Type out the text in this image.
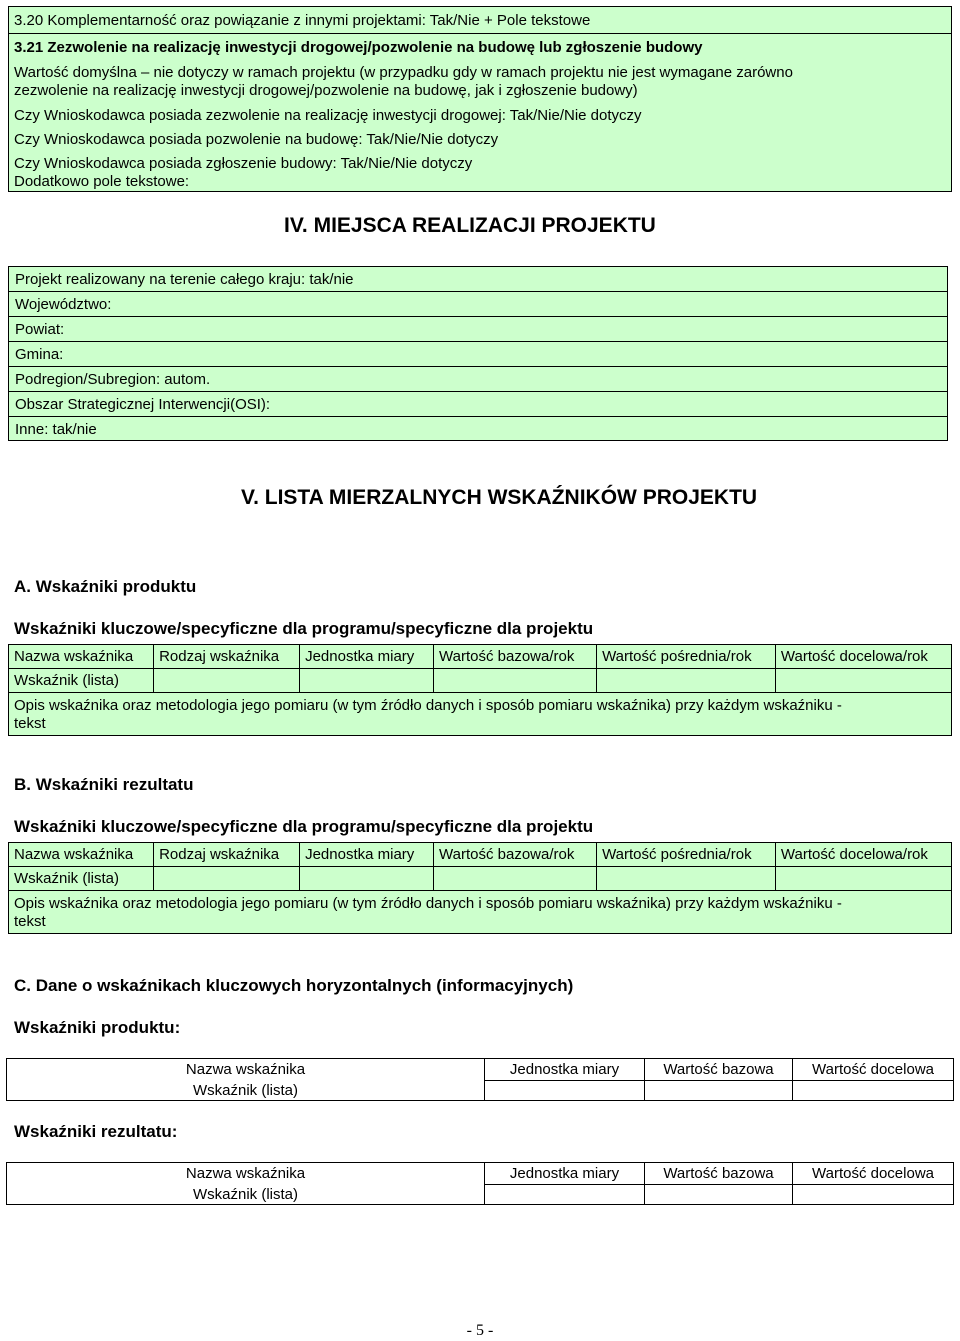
3.20 Komplementarność oraz powiązanie z innymi projektami: Tak/Nie + Pole tekstowe
3.21 Zezwolenie na realizację inwestycji drogowej/pozwolenie na budowę lub zgłoszenie budowy
Wartość domyślna – nie dotyczy w ramach projektu (w przypadku gdy w ramach projektu nie jest wymagane zarówno
zezwolenie na realizację inwestycji drogowej/pozwolenie na budowę, jak i zgłoszenie budowy)
Czy Wnioskodawca posiada zezwolenie na realizację inwestycji drogowej: Tak/Nie/Nie dotyczy
Czy Wnioskodawca posiada pozwolenie na budowę: Tak/Nie/Nie dotyczy
Czy Wnioskodawca posiada zgłoszenie budowy: Tak/Nie/Nie dotyczy
Dodatkowo pole tekstowe:
IV. MIEJSCA REALIZACJI PROJEKTU
Projekt realizowany na terenie całego kraju: tak/nie
Województwo:
Powiat:
Gmina:
Podregion/Subregion: autom.
Obszar Strategicznej Interwencji(OSI):
Inne: tak/nie
V. LISTA MIERZALNYCH WSKAŹNIKÓW PROJEKTU
A. Wskaźniki produktu
Wskaźniki kluczowe/specyficzne dla programu/specyficzne dla projektu
Nazwa wskaźnika	Rodzaj wskaźnika	Jednostka miary	Wartość bazowa/rok	Wartość pośrednia/rok	Wartość docelowa/rok
Wskaźnik (lista)					
Opis wskaźnika oraz metodologia jego pomiaru (w tym źródło danych i sposób pomiaru wskaźnika) przy każdym wskaźniku -
tekst
B. Wskaźniki rezultatu
Wskaźniki kluczowe/specyficzne dla programu/specyficzne dla projektu
Nazwa wskaźnika	Rodzaj wskaźnika	Jednostka miary	Wartość bazowa/rok	Wartość pośrednia/rok	Wartość docelowa/rok
Wskaźnik (lista)					
Opis wskaźnika oraz metodologia jego pomiaru (w tym źródło danych i sposób pomiaru wskaźnika) przy każdym wskaźniku -
tekst
C. Dane o wskaźnikach kluczowych horyzontalnych (informacyjnych)
Wskaźniki produktu:
Nazwa wskaźnika	Jednostka miary	Wartość bazowa	Wartość docelowa
Wskaźnik (lista)			
Wskaźniki rezultatu:
Nazwa wskaźnika	Jednostka miary	Wartość bazowa	Wartość docelowa
Wskaźnik (lista)			
- 5 -
